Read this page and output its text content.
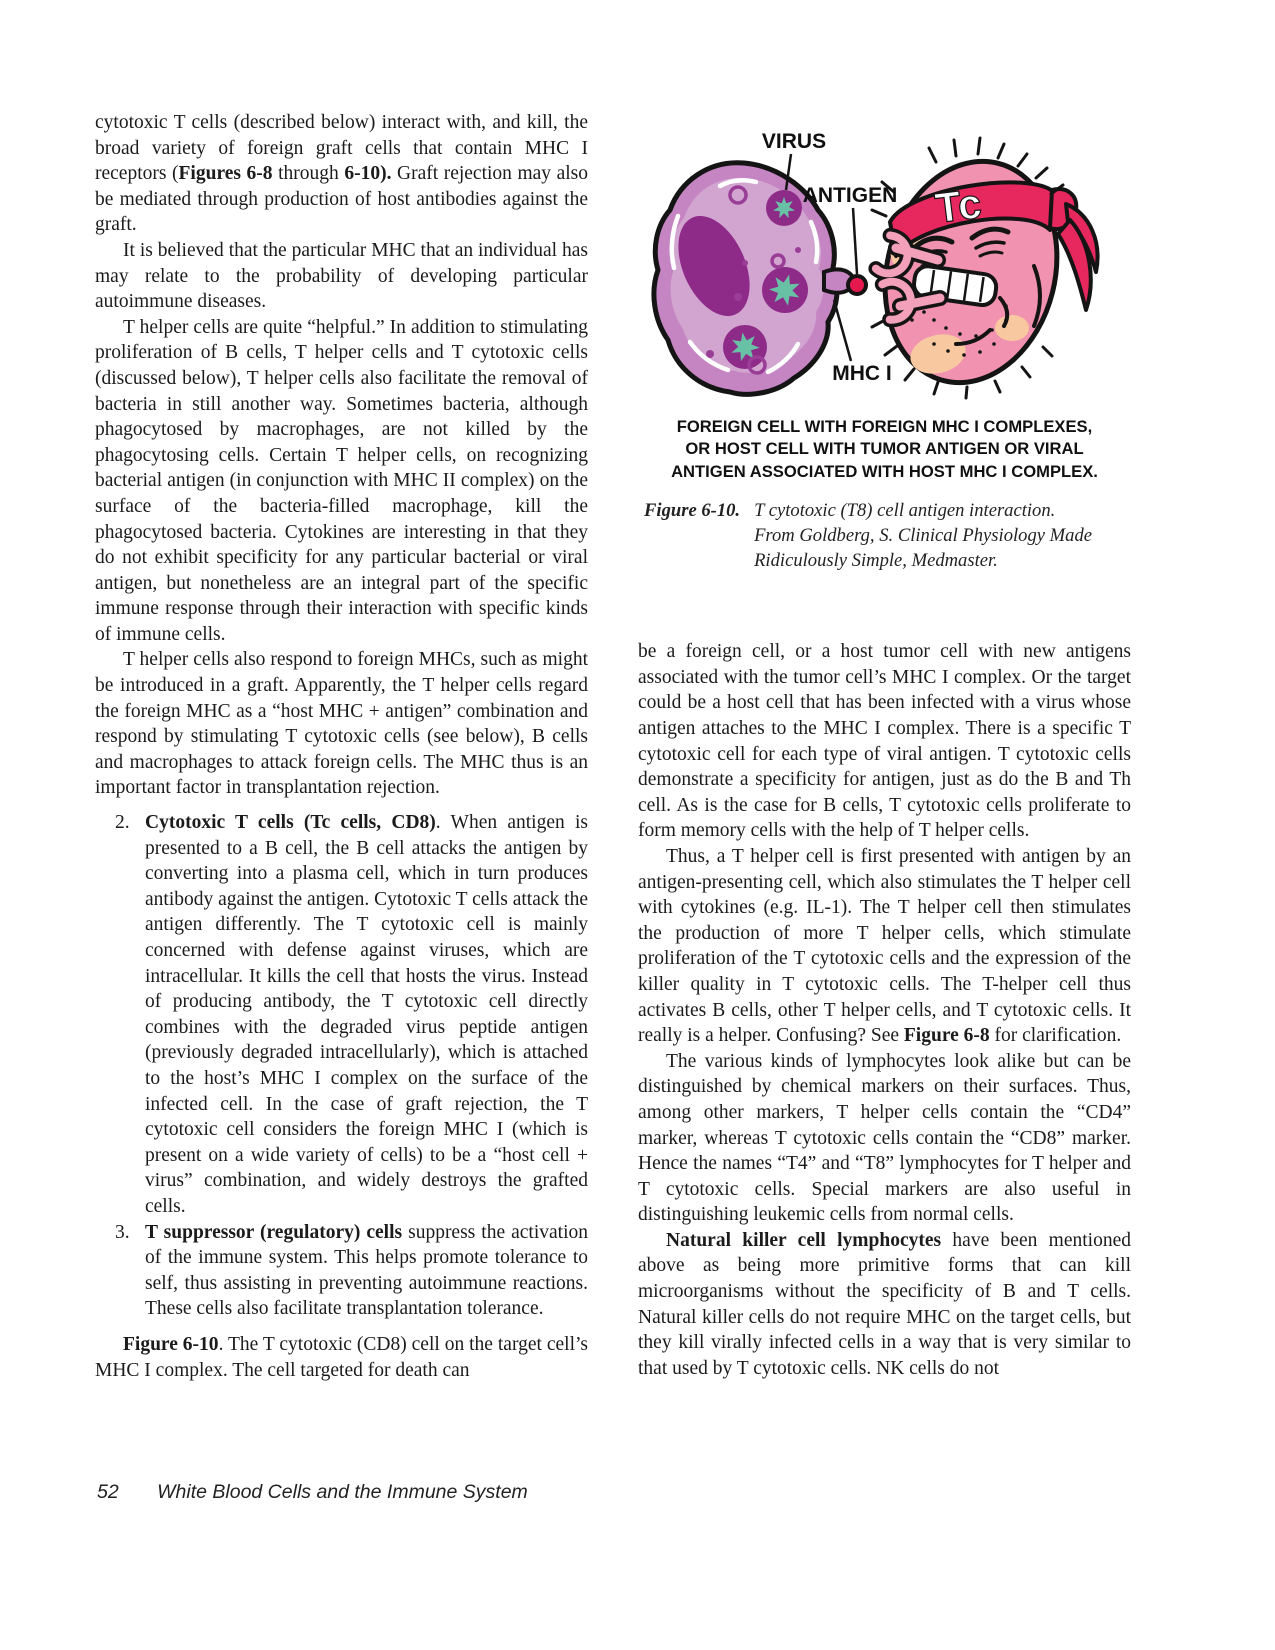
cytotoxic T cells (described below) interact with, and kill, the broad variety of foreign graft cells that contain MHC I receptors (Figures 6-8 through 6-10). Graft rejection may also be mediated through production of host antibodies against the graft.

It is believed that the particular MHC that an individual has may relate to the probability of developing particular autoimmune diseases.

T helper cells are quite “helpful.” In addition to stimulating proliferation of B cells, T helper cells and T cytotoxic cells (discussed below), T helper cells also facilitate the removal of bacteria in still another way. Sometimes bacteria, although phagocytosed by macrophages, are not killed by the phagocytosing cells. Certain T helper cells, on recognizing bacterial antigen (in conjunction with MHC II complex) on the surface of the bacteria-filled macrophage, kill the phagocytosed bacteria. Cytokines are interesting in that they do not exhibit specificity for any particular bacterial or viral antigen, but nonetheless are an integral part of the specific immune response through their interaction with specific kinds of immune cells.

T helper cells also respond to foreign MHCs, such as might be introduced in a graft. Apparently, the T helper cells regard the foreign MHC as a “host MHC + antigen” combination and respond by stimulating T cytotoxic cells (see below), B cells and macrophages to attack foreign cells. The MHC thus is an important factor in transplantation rejection.

2. Cytotoxic T cells (Tc cells, CD8). When antigen is presented to a B cell, the B cell attacks the antigen by converting into a plasma cell, which in turn produces antibody against the antigen. Cytotoxic T cells attack the antigen differently. The T cytotoxic cell is mainly concerned with defense against viruses, which are intracellular. It kills the cell that hosts the virus. Instead of producing antibody, the T cytotoxic cell directly combines with the degraded virus peptide antigen (previously degraded intracellularly), which is attached to the host’s MHC I complex on the surface of the infected cell. In the case of graft rejection, the T cytotoxic cell considers the foreign MHC I (which is present on a wide variety of cells) to be a “host cell + virus” combination, and widely destroys the grafted cells.
3. T suppressor (regulatory) cells suppress the activation of the immune system. This helps promote tolerance to self, thus assisting in preventing autoimmune reactions. These cells also facilitate transplantation tolerance.

Figure 6-10. The T cytotoxic (CD8) cell on the target cell’s MHC I complex. The cell targeted for death can

Tc
VIRUS
ANTIGEN
MHC I
FOREIGN CELL WITH FOREIGN MHC I COMPLEXES,
OR HOST CELL WITH TUMOR ANTIGEN OR VIRAL
ANTIGEN ASSOCIATED WITH HOST MHC I COMPLEX.
Figure 6-10. T cytotoxic (T8) cell antigen interaction.
From Goldberg, S. Clinical Physiology Made
Ridiculously Simple, Medmaster.

be a foreign cell, or a host tumor cell with new antigens associated with the tumor cell’s MHC I complex. Or the target could be a host cell that has been infected with a virus whose antigen attaches to the MHC I complex. There is a specific T cytotoxic cell for each type of viral antigen. T cytotoxic cells demonstrate a specificity for antigen, just as do the B and Th cell. As is the case for B cells, T cytotoxic cells proliferate to form memory cells with the help of T helper cells.

Thus, a T helper cell is first presented with antigen by an antigen-presenting cell, which also stimulates the T helper cell with cytokines (e.g. IL-1). The T helper cell then stimulates the production of more T helper cells, which stimulate proliferation of the T cytotoxic cells and the expression of the killer quality in T cytotoxic cells. The T-helper cell thus activates B cells, other T helper cells, and T cytotoxic cells. It really is a helper. Confusing? See Figure 6-8 for clarification.

The various kinds of lymphocytes look alike but can be distinguished by chemical markers on their surfaces. Thus, among other markers, T helper cells contain the “CD4” marker, whereas T cytotoxic cells contain the “CD8” marker. Hence the names “T4” and “T8” lymphocytes for T helper and T cytotoxic cells. Special markers are also useful in distinguishing leukemic cells from normal cells.

Natural killer cell lymphocytes have been mentioned above as being more primitive forms that can kill microorganisms without the specificity of B and T cells. Natural killer cells do not require MHC on the target cells, but they kill virally infected cells in a way that is very similar to that used by T cytotoxic cells. NK cells do not

52 White Blood Cells and the Immune System
